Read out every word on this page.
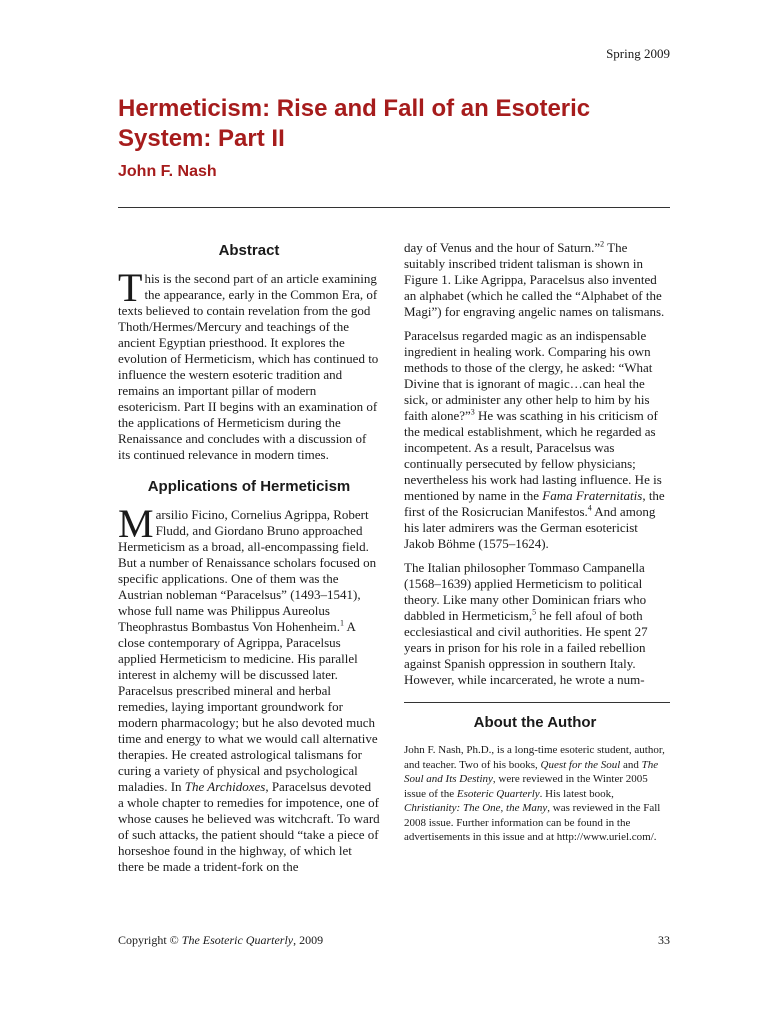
Spring 2009
Hermeticism: Rise and Fall of an Esoteric System: Part II
John F. Nash
Abstract

This is the second part of an article examining the appearance, early in the Common Era, of texts believed to contain revelation from the god Thoth/Hermes/Mercury and teachings of the ancient Egyptian priesthood. It explores the evolution of Hermeticism, which has continued to influence the western esoteric tradition and remains an important pillar of modern esotericism. Part II begins with an examination of the applications of Hermeticism during the Renaissance and concludes with a discussion of its continued relevance in modern times.

Applications of Hermeticism

Marsilio Ficino, Cornelius Agrippa, Robert Fludd, and Giordano Bruno approached Hermeticism as a broad, all-encompassing field. But a number of Renaissance scholars focused on specific applications. One of them was the Austrian nobleman “Paracelsus” (1493–1541), whose full name was Philippus Aureolus Theophrastus Bombastus Von Hohenheim.$^1$ A close contemporary of Agrippa, Paracelsus applied Hermeticism to medicine. His parallel interest in alchemy will be discussed later. Paracelsus prescribed mineral and herbal remedies, laying important groundwork for modern pharmacology; but he also devoted much time and energy to what we would call alternative therapies. He created astrological talismans for curing a variety of physical and psychological maladies. In The Archidoxes, Paracelsus devoted a whole chapter to remedies for impotence, one of whose causes he believed was witchcraft. To ward of such attacks, the patient should “take a piece of horseshoe found in the highway, of which let there be made a trident-fork on the

day of Venus and the hour of Saturn.”$^2$ The suitably inscribed trident talisman is shown in Figure 1. Like Agrippa, Paracelsus also invented an alphabet (which he called the “Alphabet of the Magi”) for engraving angelic names on talismans.

Paracelsus regarded magic as an indispensable ingredient in healing work. Comparing his own methods to those of the clergy, he asked: “What Divine that is ignorant of magic…can heal the sick, or administer any other help to him by his faith alone?”$^3$ He was scathing in his criticism of the medical establishment, which he regarded as incompetent. As a result, Paracelsus was continually persecuted by fellow physicians; nevertheless his work had lasting influence. He is mentioned by name in the Fama Fraternitatis, the first of the Rosicrucian Manifestos.$^4$ And among his later admirers was the German esotericist Jakob Böhme (1575–1624).

The Italian philosopher Tommaso Campanella (1568–1639) applied Hermeticism to political theory. Like many other Dominican friars who dabbled in Hermeticism,$^5$ he fell afoul of both ecclesiastical and civil authorities. He spent 27 years in prison for his role in a failed rebellion against Spanish oppression in southern Italy. However, while incarcerated, he wrote a num-

About the Author
John F. Nash, Ph.D., is a long-time esoteric student, author, and teacher. Two of his books, Quest for the Soul and The Soul and Its Destiny, were reviewed in the Winter 2005 issue of the Esoteric Quarterly. His latest book, Christianity: The One, the Many, was reviewed in the Fall 2008 issue. Further information can be found in the advertisements in this issue and at http://www.uriel.com/.
Copyright © The Esoteric Quarterly, 2009	33
